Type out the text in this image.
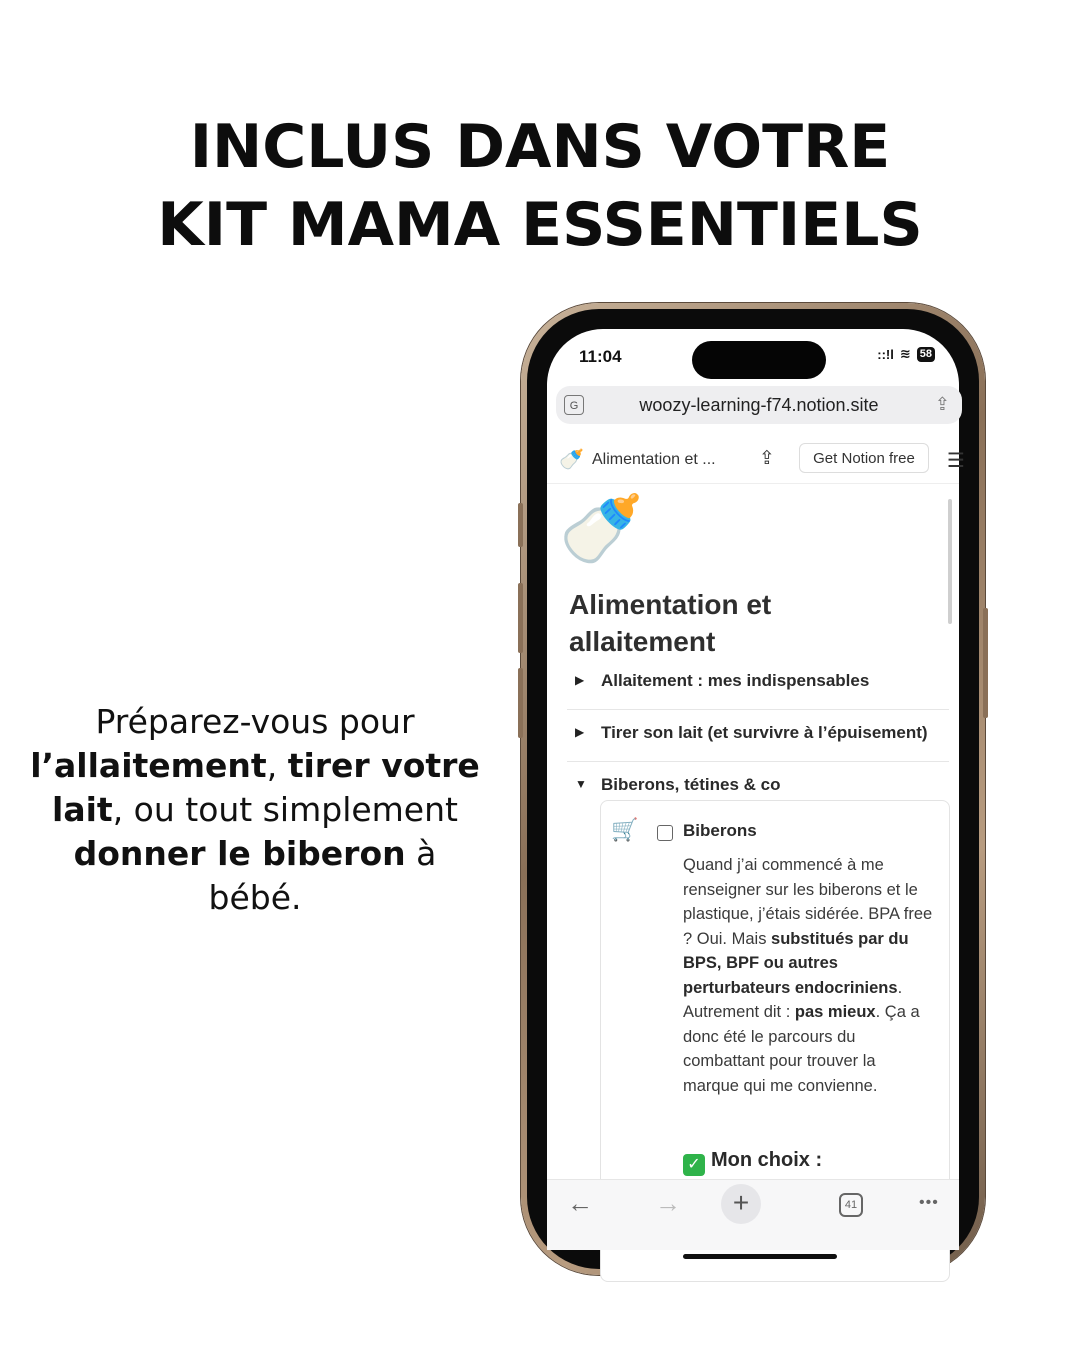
INCLUS DANS VOTRE
KIT MAMA ESSENTIELS
Préparez-vous pour
l’allaitement, tirer votre lait, ou tout simplement
donner le biberon à bébé.
11:04	::!l ≋ 58
G	woozy-learning-f74.notion.site	⇪
🍼 Alimentation et ... ⇪	Get Notion free	☰
🍼
Alimentation et
allaitement
▶ Allaitement : mes indispensables
▶ Tirer son lait (et survivre à l’épuisement)
▼ Biberons, tétines & co
🛒	Biberons
Quand j’ai commencé à me renseigner sur les biberons et le plastique, j’étais sidérée. BPA free ? Oui. Mais substitués par du BPS, BPF ou autres perturbateurs endocriniens. Autrement dit : pas mieux. Ça a donc été le parcours du combattant pour trouver la marque qui me convienne.
✓ Mon choix :
← →	+	41	•••
